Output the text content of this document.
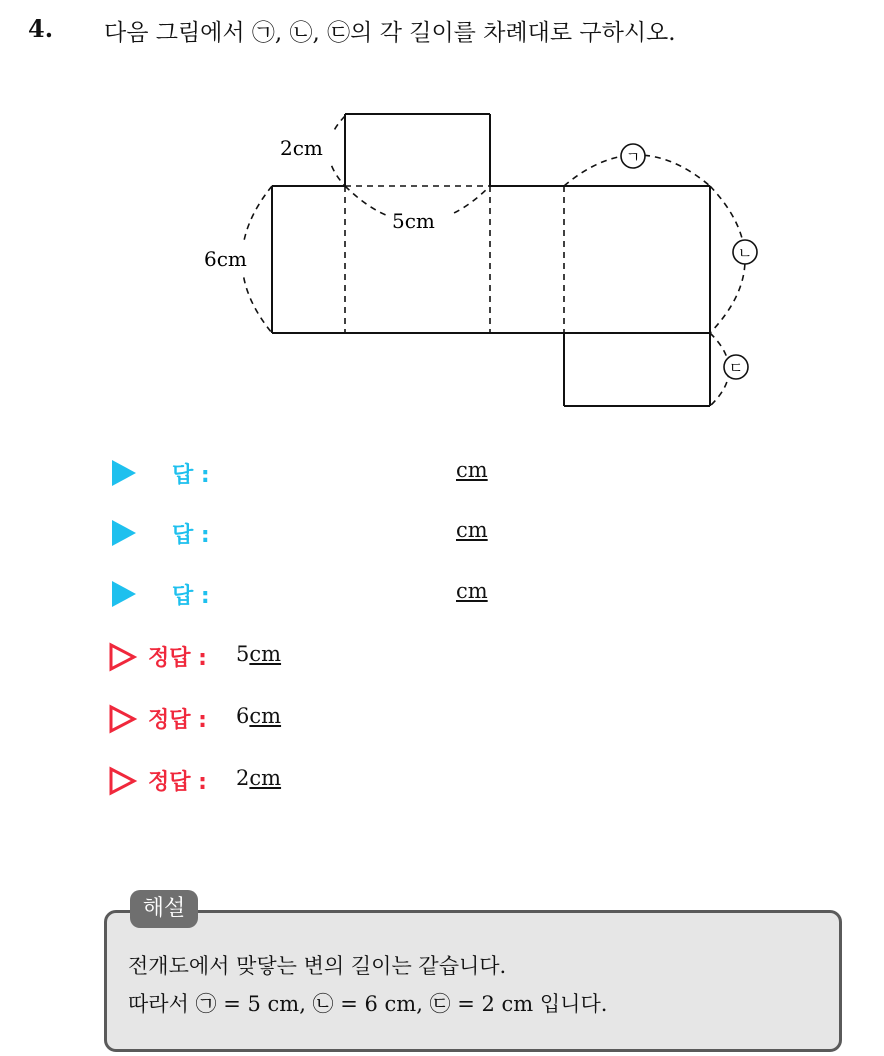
4. 다음 그림에서 ㉠, ㉡, ㉢의 각 길이를 차례대로 구하시오.
2cm
5cm
6cm
ㄱ
ㄴ
ㄷ
답 :	cm
답 :	cm
답 :	cm
정답 : 5cm
정답 : 6cm
정답 : 2cm
해설
전개도에서 맞닿는 변의 길이는 같습니다.
따라서 ㉠ = 5 cm, ㉡ = 6 cm, ㉢ = 2 cm 입니다.
